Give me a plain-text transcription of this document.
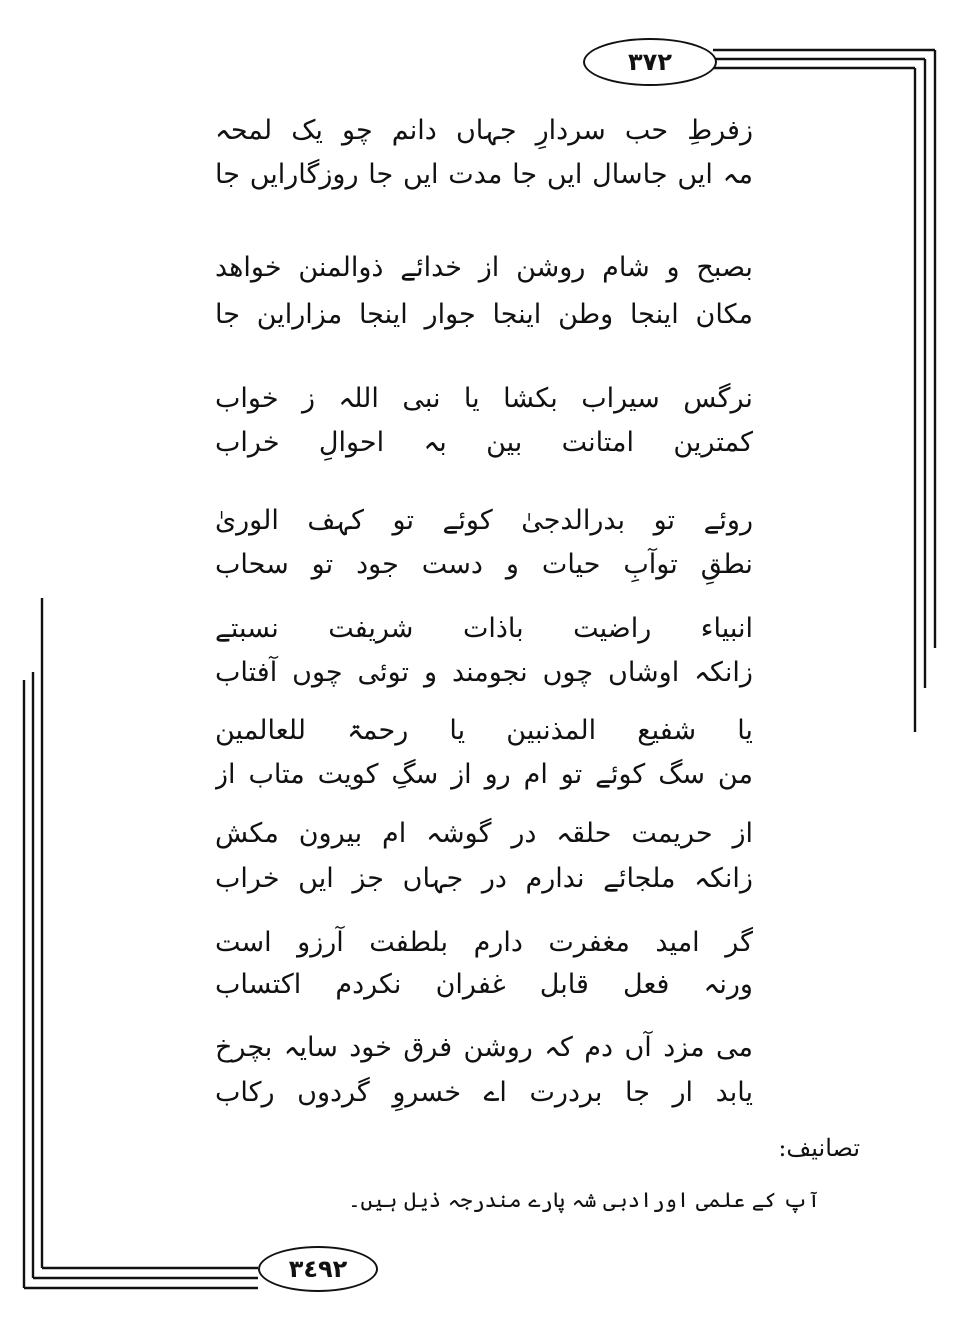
٣٧٢
زفرطِ
حب
سردارِ
جہاں
دانم
چو
یک
لمحہ
مہ
ایں
جاسال
ایں
جا
مدت
ایں
جا
روزگارایں
جا
بصبح
و
شام
روشن
از
خدائے
ذوالمنن
خواھد
مکان
اینجا
وطن
اینجا
جوار
اینجا
مزاراین
جا
نرگس
سیراب
بکشا
یا
نبی
اللہ
ز
خواب
کمترین
امتانت
بین
بہ
احوالِ
خراب
روئے
تو
بدرالدجیٰ
کوئے
تو
کہف
الوریٰ
نطقِ
توآبِ
حیات
و
دست
جود
تو
سحاب
انبیاء
راضیت
باذات
شریفت
نسبتے
زانکہ
اوشاں
چوں
نجومند
و
توئی
چوں
آفتاب
یا
شفیع
المذنبین
یا
رحمۃ
للعالمین
من
سگ
کوئے
تو
ام
رو
از
سگِ
کویت
متاب
از
از
حریمت
حلقہ
در
گوشہ
ام
بیرون
مکش
زانکہ
ملجائے
ندارم
در
جہاں
جز
ایں
خراب
گر
امید
مغفرت
دارم
بلطفت
آرزو
است
ورنہ
فعل
قابل
غفران
نکردم
اکتساب
می
مزد
آں
دم
کہ
روشن
فرق
خود
سایہ
بچرخ
یابد
ار
جا
بردرت
اے
خسروِ
گردوں
رکاب
تصانیف:
آپ کے علمی اورادبی شہ پارے مندرجہ ذیل ہیں۔
٣٤٩٢
